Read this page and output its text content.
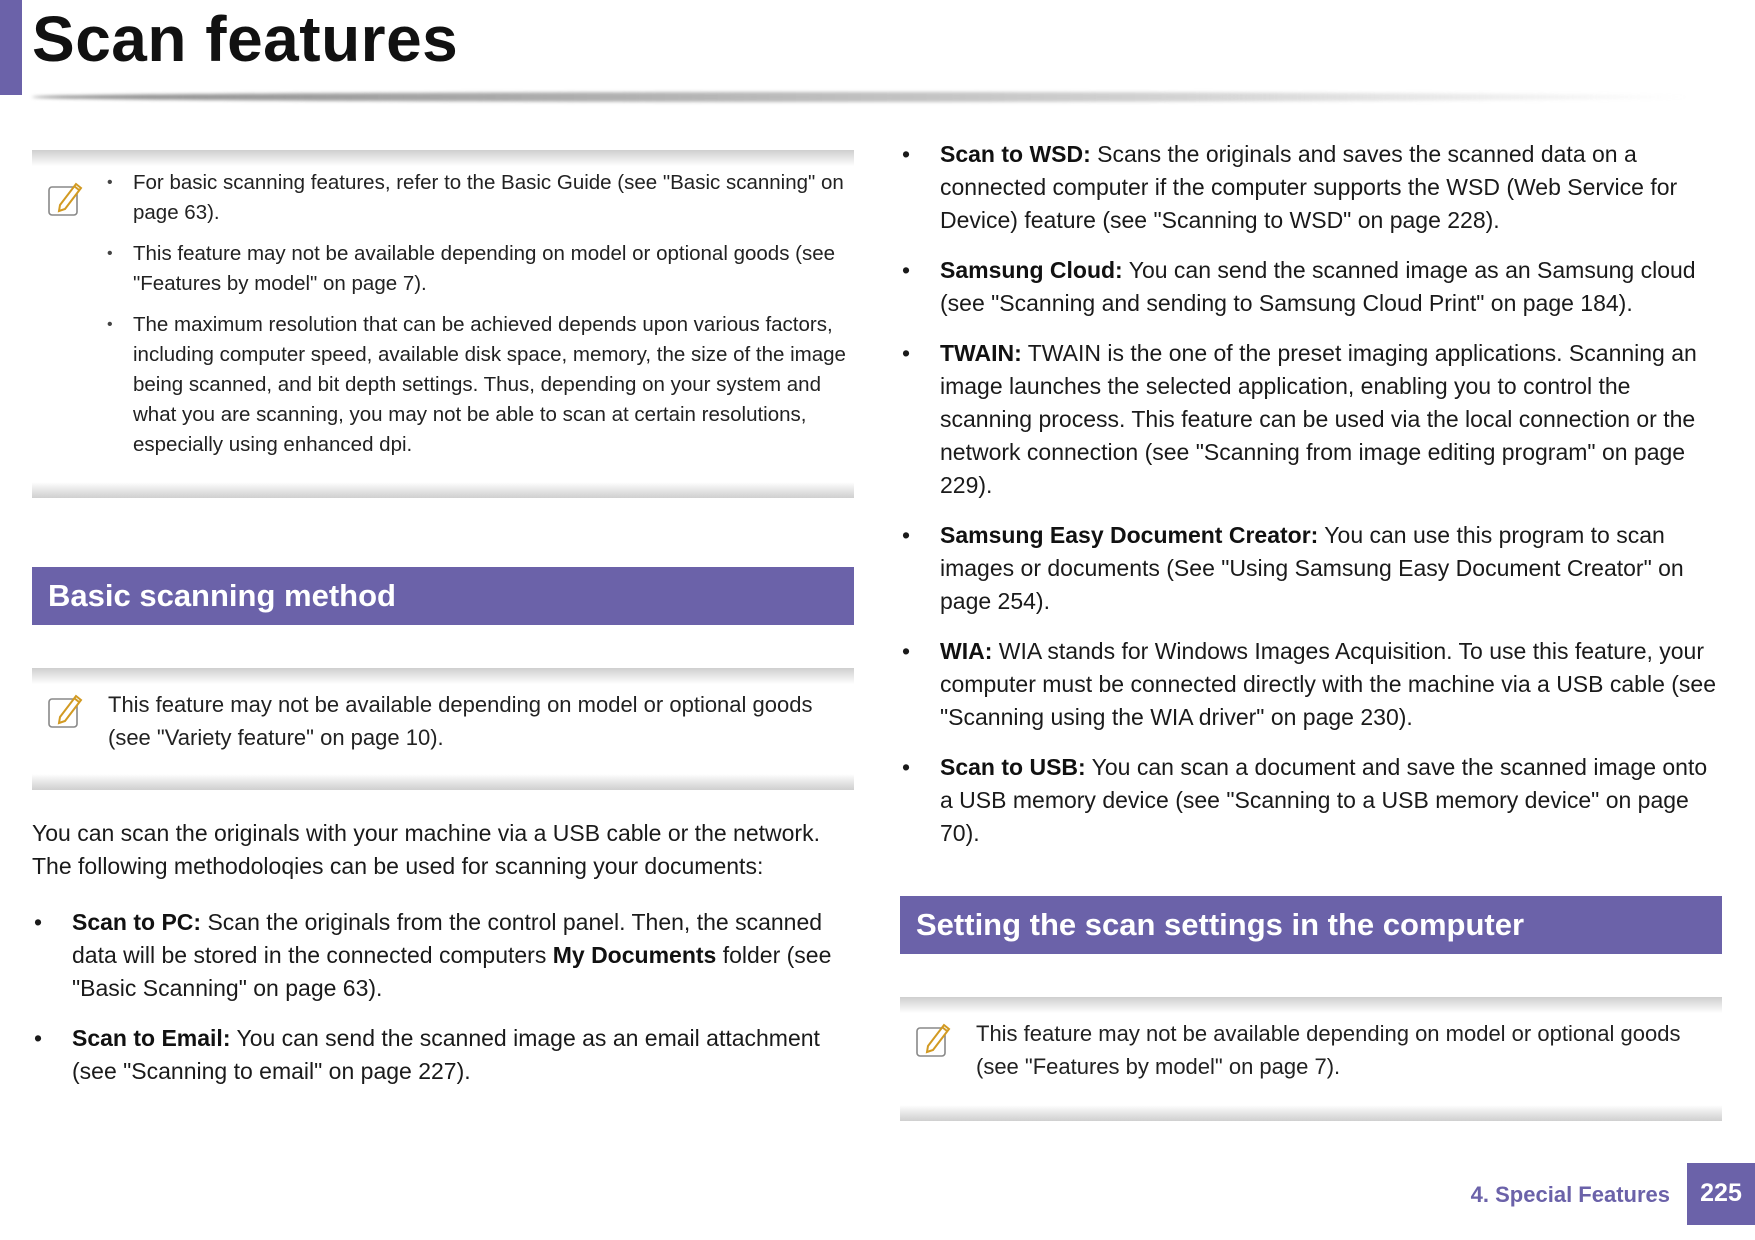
Scan features
• For basic scanning features, refer to the Basic Guide (see "Basic scanning" on page 63).
• This feature may not be available depending on model or optional goods (see "Features by model" on page 7).
• The maximum resolution that can be achieved depends upon various factors, including computer speed, available disk space, memory, the size of the image being scanned, and bit depth settings. Thus, depending on your system and what you are scanning, you may not be able to scan at certain resolutions, especially using enhanced dpi.
Basic scanning method

This feature may not be available depending on model or optional goods (see "Variety feature" on page 10).

You can scan the originals with your machine via a USB cable or the network. The following methodoloqies can be used for scanning your documents:

• Scan to PC: Scan the originals from the control panel. Then, the scanned data will be stored in the connected computers My Documents folder (see "Basic Scanning" on page 63).
• Scan to Email: You can send the scanned image as an email attachment (see "Scanning to email" on page 227).
• Scan to WSD: Scans the originals and saves the scanned data on a connected computer if the computer supports the WSD (Web Service for Device) feature (see "Scanning to WSD" on page 228).
• Samsung Cloud: You can send the scanned image as an Samsung cloud (see "Scanning and sending to Samsung Cloud Print" on page 184).
• TWAIN: TWAIN is the one of the preset imaging applications. Scanning an image launches the selected application, enabling you to control the scanning process. This feature can be used via the local connection or the network connection (see "Scanning from image editing program" on page 229).
• Samsung Easy Document Creator: You can use this program to scan images or documents (See "Using Samsung Easy Document Creator" on page 254).
• WIA: WIA stands for Windows Images Acquisition. To use this feature, your computer must be connected directly with the machine via a USB cable (see "Scanning using the WIA driver" on page 230).
• Scan to USB: You can scan a document and save the scanned image onto a USB memory device (see "Scanning to a USB memory device" on page 70).
Setting the scan settings in the computer

This feature may not be available depending on model or optional goods (see "Features by model" on page 7).

4. Special Features	225
